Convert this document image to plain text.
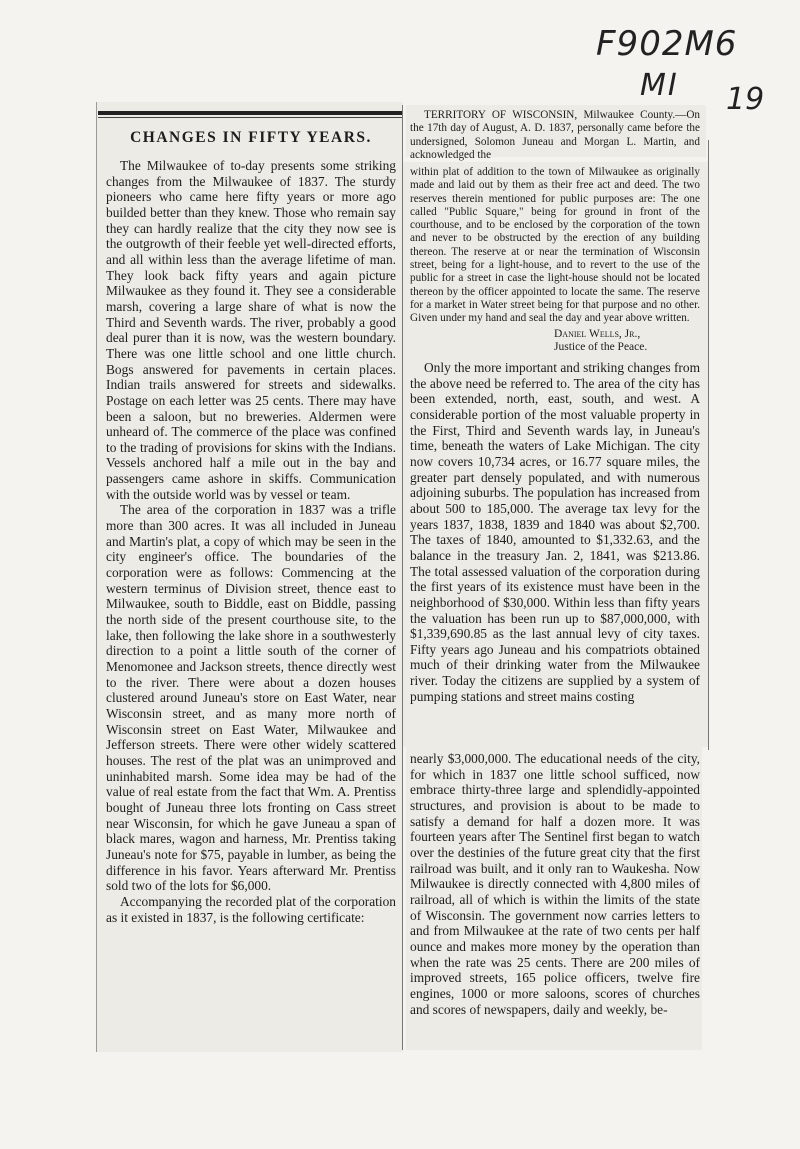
F902M6
MI 19
CHANGES IN FIFTY YEARS.

The Milwaukee of to-day presents some striking changes from the Milwaukee of 1837. The sturdy pioneers who came here fifty years or more ago builded better than they knew. Those who remain say they can hardly realize that the city they now see is the outgrowth of their feeble yet well-directed efforts, and all within less than the average lifetime of man. They look back fifty years and again picture Milwaukee as they found it. They see a considerable marsh, covering a large share of what is now the Third and Seventh wards. The river, probably a good deal purer than it is now, was the western boundary. There was one little school and one little church. Bogs answered for pavements in certain places. Indian trails answered for streets and sidewalks. Postage on each letter was 25 cents. There may have been a saloon, but no breweries. Aldermen were unheard of. The commerce of the place was confined to the trading of provisions for skins with the Indians. Vessels anchored half a mile out in the bay and passengers came ashore in skiffs. Communication with the outside world was by vessel or team.

The area of the corporation in 1837 was a trifle more than 300 acres. It was all included in Juneau and Martin's plat, a copy of which may be seen in the city engineer's office. The boundaries of the corporation were as follows: Commencing at the western terminus of Division street, thence east to Milwaukee, south to Biddle, east on Biddle, passing the north side of the present courthouse site, to the lake, then following the lake shore in a southwesterly direction to a point a little south of the corner of Menomonee and Jackson streets, thence directly west to the river. There were about a dozen houses clustered around Juneau's store on East Water, near Wisconsin street, and as many more north of Wisconsin street on East Water, Milwaukee and Jefferson streets. There were other widely scattered houses. The rest of the plat was an unimproved and uninhabited marsh. Some idea may be had of the value of real estate from the fact that Wm. A. Prentiss bought of Juneau three lots fronting on Cass street near Wisconsin, for which he gave Juneau a span of black mares, wagon and harness, Mr. Prentiss taking Juneau's note for $75, payable in lumber, as being the difference in his favor. Years afterward Mr. Prentiss sold two of the lots for $6,000.

Accompanying the recorded plat of the corporation as it existed in 1837, is the following certificate:

TERRITORY OF WISCONSIN, Milwaukee County.—On the 17th day of August, A. D. 1837, personally came before the undersigned, Solomon Juneau and Morgan L. Martin, and acknowledged the

within plat of addition to the town of Milwaukee as originally made and laid out by them as their free act and deed. The two reserves therein mentioned for public purposes are: The one called "Public Square," being for ground in front of the courthouse, and to be enclosed by the corporation of the town and never to be obstructed by the erection of any building thereon. The reserve at or near the termination of Wisconsin street, being for a light-house, and to revert to the use of the public for a street in case the light-house should not be located thereon by the officer appointed to locate the same. The reserve for a market in Water street being for that purpose and no other. Given under my hand and seal the day and year above written.

Daniel Wells, Jr.,
Justice of the Peace.

Only the more important and striking changes from the above need be referred to. The area of the city has been extended, north, east, south, and west. A considerable portion of the most valuable property in the First, Third and Seventh wards lay, in Juneau's time, beneath the waters of Lake Michigan. The city now covers 10,734 acres, or 16.77 square miles, the greater part densely populated, and with numerous adjoining suburbs. The population has increased from about 500 to 185,000. The average tax levy for the years 1837, 1838, 1839 and 1840 was about $2,700. The taxes of 1840, amounted to $1,332.63, and the balance in the treasury Jan. 2, 1841, was $213.86. The total assessed valuation of the corporation during the first years of its existence must have been in the neighborhood of $30,000. Within less than fifty years the valuation has been run up to $87,000,000, with $1,339,690.85 as the last annual levy of city taxes. Fifty years ago Juneau and his compatriots obtained much of their drinking water from the Milwaukee river. Today the citizens are supplied by a system of pumping stations and street mains costing

nearly $3,000,000. The educational needs of the city, for which in 1837 one little school sufficed, now embrace thirty-three large and splendidly-appointed structures, and provision is about to be made to satisfy a demand for half a dozen more. It was fourteen years after The Sentinel first began to watch over the destinies of the future great city that the first railroad was built, and it only ran to Waukesha. Now Milwaukee is directly connected with 4,800 miles of railroad, all of which is within the limits of the state of Wisconsin. The government now carries letters to and from Milwaukee at the rate of two cents per half ounce and makes more money by the operation than when the rate was 25 cents. There are 200 miles of improved streets, 165 police officers, twelve fire engines, 1000 or more saloons, scores of churches and scores of newspapers, daily and weekly, be-
